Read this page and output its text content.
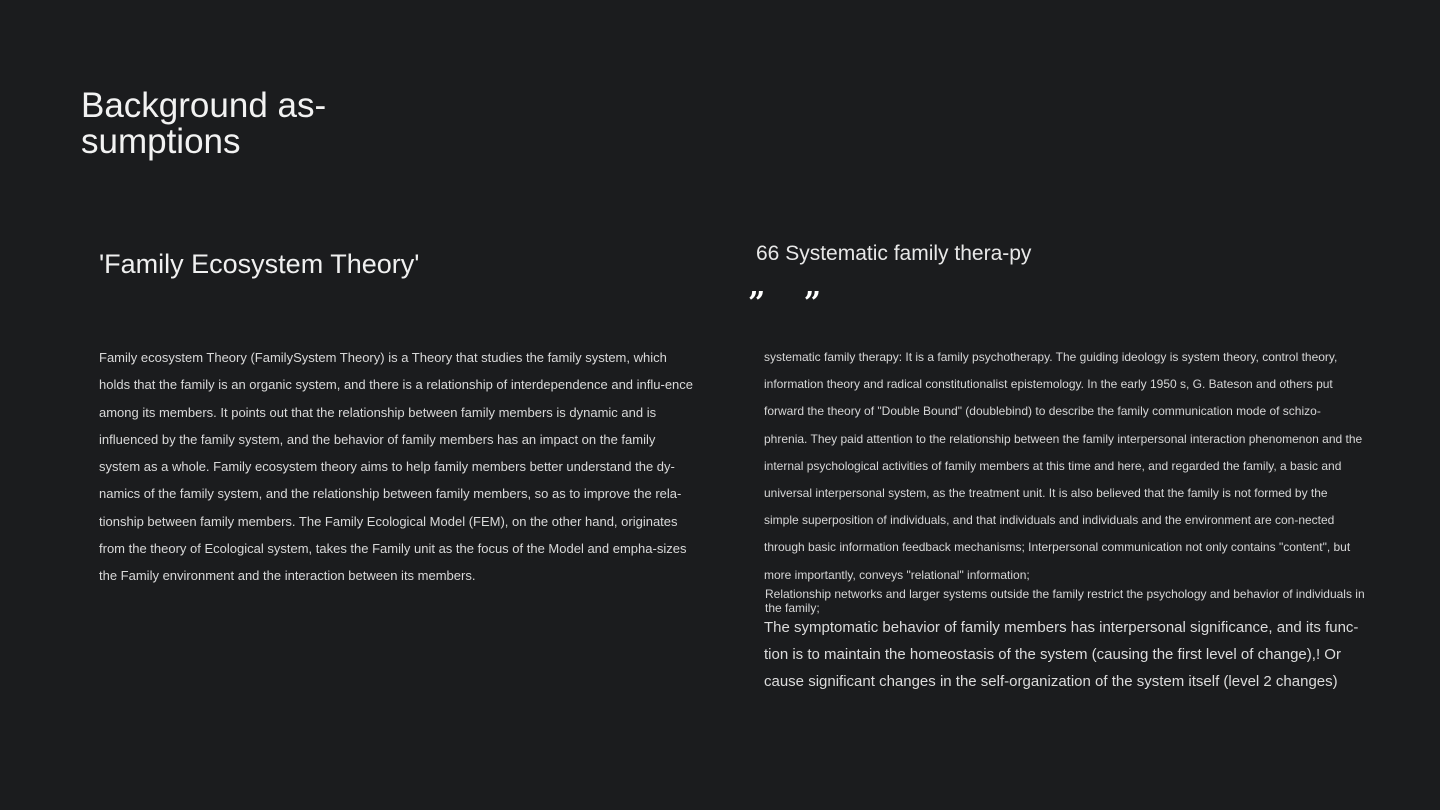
Background as-sumptions
'Family Ecosystem Theory'

Family ecosystem Theory (FamilySystem Theory) is a Theory that studies the family system, which holds that the family is an organic system, and there is a relationship of interdependence and influ-ence among its members. It points out that the relationship between family members is dynamic and is influenced by the family system, and the behavior of family members has an impact on the family system as a whole. Family ecosystem theory aims to help family members better understand the dy-namics of the family system, and the relationship between family members, so as to improve the rela-tionship between family members. The Family Ecological Model (FEM), on the other hand, originates from the theory of Ecological system, takes the Family unit as the focus of the Model and empha-sizes the Family environment and the interaction between its members.

66 Systematic family thera-py
” ”

systematic family therapy: It is a family psychotherapy. The guiding ideology is system theory, control theory, information theory and radical constitutionalist epistemology. In the early 1950 s, G. Bateson and others put forward the theory of "Double Bound" (doublebind) to describe the family communication mode of schizo-phrenia. They paid attention to the relationship between the family interpersonal interaction phenomenon and the internal psychological activities of family members at this time and here, and regarded the family, a basic and universal interpersonal system, as the treatment unit. It is also believed that the family is not formed by the simple superposition of individuals, and that individuals and individuals and the environment are con-nected through basic information feedback mechanisms; Interpersonal communication not only contains "content", but more importantly, conveys "relational" information;

Relationship networks and larger systems outside the family restrict the psychology and behavior of individuals in the family;

The symptomatic behavior of family members has interpersonal significance, and its func-tion is to maintain the homeostasis of the system (causing the first level of change),! Or cause significant changes in the self-organization of the system itself (level 2 changes)
